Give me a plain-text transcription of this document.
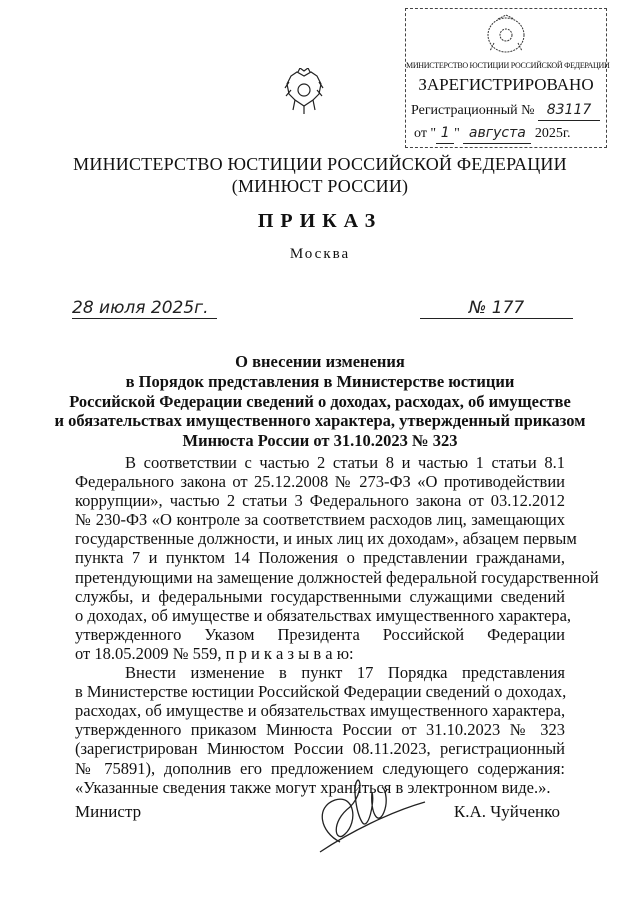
МИНИСТЕРСТВО ЮСТИЦИИ РОССИЙСКОЙ ФЕДЕРАЦИИ
ЗАРЕГИСТРИРОВАНО
Регистрационный № 83117
от " 1 " августа 2025г.
МИНИСТЕРСТВО ЮСТИЦИИ РОССИЙСКОЙ ФЕДЕРАЦИИ
(МИНЮСТ РОССИИ)
ПРИКАЗ
Москва
28 июля 2025г.	№ 177
О внесении изменения
в Порядок представления в Министерстве юстиции
Российской Федерации сведений о доходах, расходах, об имуществе
и обязательствах имущественного характера, утвержденный приказом
Минюста России от 31.10.2023 № 323
В соответствии с частью 2 статьи 8 и частью 1 статьи 8.1
Федерального закона от 25.12.2008 № 273-ФЗ «О противодействии
коррупции», частью 2 статьи 3 Федерального закона от 03.12.2012
№ 230-ФЗ «О контроле за соответствием расходов лиц, замещающих
государственные должности, и иных лиц их доходам», абзацем первым
пункта 7 и пунктом 14 Положения о представлении гражданами,
претендующими на замещение должностей федеральной государственной
службы, и федеральными государственными служащими сведений
о доходах, об имуществе и обязательствах имущественного характера,
утвержденного Указом Президента Российской Федерации
от 18.05.2009 № 559, п р и к а з ы в а ю:
Внести изменение в пункт 17 Порядка представления
в Министерстве юстиции Российской Федерации сведений о доходах,
расходах, об имуществе и обязательствах имущественного характера,
утвержденного приказом Минюста России от 31.10.2023 № 323
(зарегистрирован Минюстом России 08.11.2023, регистрационный
№ 75891), дополнив его предложением следующего содержания:
«Указанные сведения также могут храниться в электронном виде.».
Министр	К.А. Чуйченко
